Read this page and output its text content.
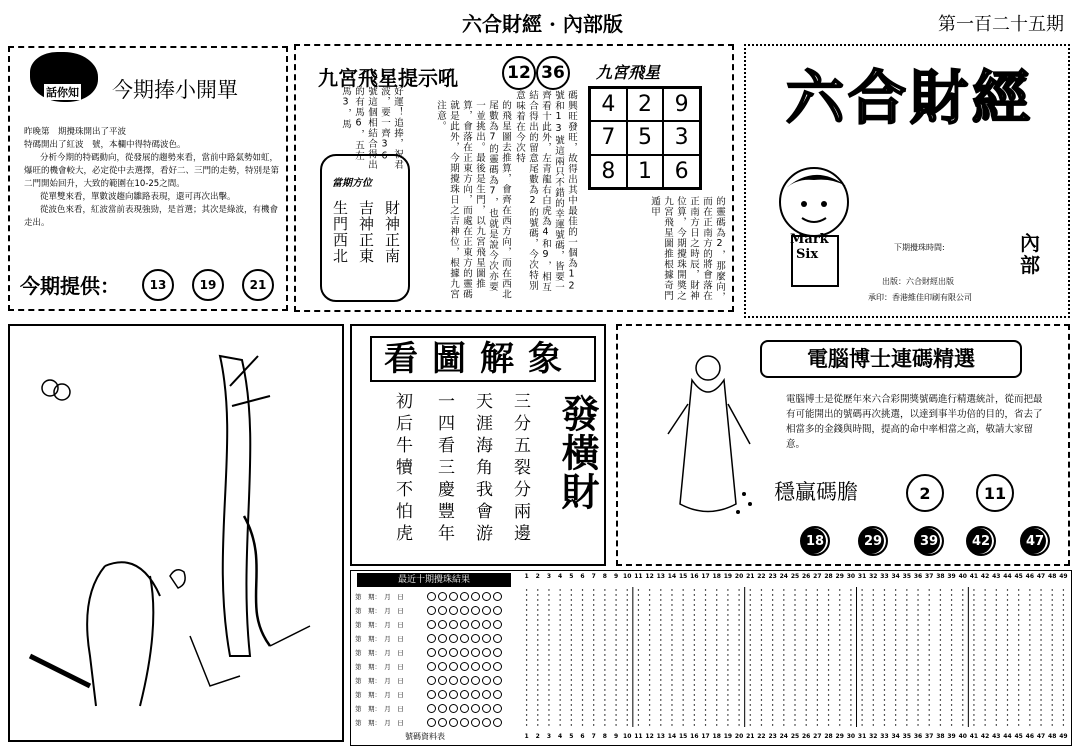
六合財經 · 內部版	第一百二十五期
話你知 今期捧小開單
昨晚第　期攪珠開出了平波
特碼開出了紅波　號，本欄中得特碼波色。
分析今期的特碼動向，從發展的趨勢來看，當前中路氣勢如虹，爆旺的機會較大，必定從中去選擇，看好二、三門的走勢，特別是第二門開始回升，大致的範圍在10-25之間。
從單雙來看，單數波趨向雛路表現，還可再次出擊。
從波色來看，紅波當前表現強勁，是首選；其次是綠波，有機會走出。
今期提供：	13	19	21
九宮飛星提示吼	12 36
好運！追捧，祝君波，要一齊36號這個相結合得出的有馬6，五左馬3，馬
當期方位
財神正南
吉神正東
生門西北	的飛星圖去推算，會齊在西方向，而在西北尾數為7的靈碼為7，也就是說今次亦要一並挑出。最後是生門，以九宮飛星圖推算，會落在正東方向，而處在正東方的靈碼就是此外，今期攪珠日之吉神位，根據九宮注意。	碼興旺發旺，故得出其中最佳的一個為12號和13號這兩只不錯的幸運號碼，皆要一齊看十此外，左青龍右白虎為4和9，相互結合得出的留意尾數為2的號碼，今次特別意味着在今次特
九宮飛星
4	2	9
7	5	3
8	1	6
的靈碼為2，那麼向，而在正南方的將會落在正南方日之時辰，財神位算，今期攪珠開獎之九宮飛星圖推根據奇門遁甲
六合財經
Mark
Six	下期攪珠時間:	內部
出版：六合財經出版
承印：香港維佳印刷有限公司
看圖解象
發橫財
三分五裂分兩邊
天涯海角我會游
一四看三慶豐年
初后牛犢不怕虎
電腦博士連碼精選
電腦博士是從歷年來六合彩開獎號碼進行精選統計，從而把最有可能開出的號碼再次挑選，以達到事半功倍的目的，省去了相當多的金錢與時間，提高的命中率相當之高，敬請大家留意。
穩贏碼膽	2	11
18	29	39	42	47
最近十期攪珠結果
第　期：　月　日
第　期：　月　日
第　期：　月　日
第　期：　月　日
第　期：　月　日
第　期：　月　日
第　期：　月　日
第　期：　月　日
第　期：　月　日
第　期：　月　日
號碼資料表
1	2	3	4	5	6	7	8	9 10 11 12 13 14 15 16 17 18 19 20 21 22 23 24 25 26 27 28 29 30 31 32 33 34 35 36 37 38 39 40 41 42 43 44 45 46 47 48 49
1	2	3	4	5	6	7	8	9 10 11 12 13 14 15 16 17 18 19 20 21 22 23 24 25 26 27 28 29 30 31 32 33 34 35 36 37 38 39 40 41 42 43 44 45 46 47 48 49
